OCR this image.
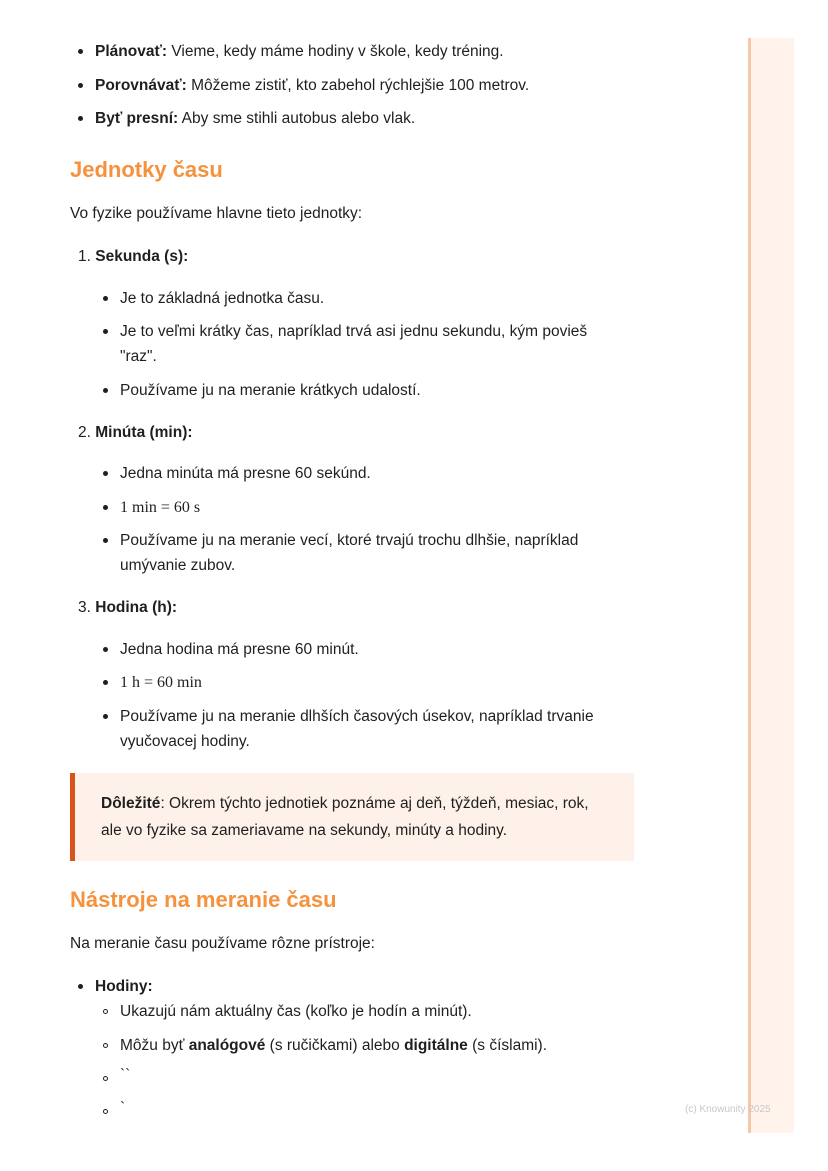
Plánovať: Vieme, kedy máme hodiny v škole, kedy tréning.
Porovnávať: Môžeme zistiť, kto zabehol rýchlejšie 100 metrov.
Byť presní: Aby sme stihli autobus alebo vlak.
Jednotky času
Vo fyzike používame hlavne tieto jednotky:
1. Sekunda (s):
Je to základná jednotka času.
Je to veľmi krátky čas, napríklad trvá asi jednu sekundu, kým povieš
"raz".
Používame ju na meranie krátkych udalostí.
2. Minúta (min):
Jedna minúta má presne 60 sekúnd.
1 min = 60 s
Používame ju na meranie vecí, ktoré trvajú trochu dlhšie, napríklad
umývanie zubov.
3. Hodina (h):
Jedna hodina má presne 60 minút.
1 h = 60 min
Používame ju na meranie dlhších časových úsekov, napríklad trvanie
vyučovacej hodiny.
Dôležité: Okrem týchto jednotiek poznáme aj deň, týždeň, mesiac, rok,
ale vo fyzike sa zameriavame na sekundy, minúty a hodiny.
Nástroje na meranie času
Na meranie času používame rôzne prístroje:
Hodiny:
Ukazujú nám aktuálny čas (koľko je hodín a minút).
Môžu byť analógové (s ručičkami) alebo digitálne (s číslami).
``
`	(c) Knowunity 2025
